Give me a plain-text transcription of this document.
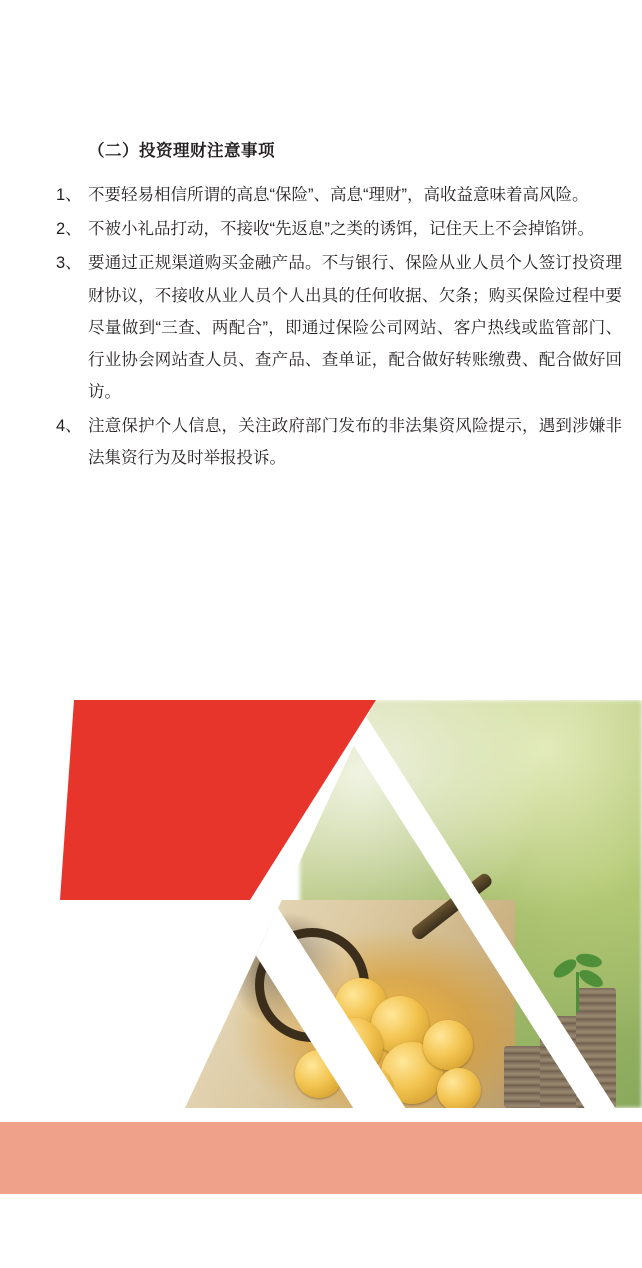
（二）投资理财注意事项
1、 不要轻易相信所谓的高息“保险”、高息“理财”，高收益意味着高风险。
2、 不被小礼品打动，不接收“先返息”之类的诱饵，记住天上不会掉馅饼。
3、 要通过正规渠道购买金融产品。不与银行、保险从业人员个人签订投资理财协议，不接收从业人员个人出具的任何收据、欠条；购买保险过程中要尽量做到“三查、两配合”，即通过保险公司网站、客户热线或监管部门、行业协会网站查人员、查产品、查单证，配合做好转账缴费、配合做好回访。
4、 注意保护个人信息，关注政府部门发布的非法集资风险提示，遇到涉嫌非法集资行为及时举报投诉。
